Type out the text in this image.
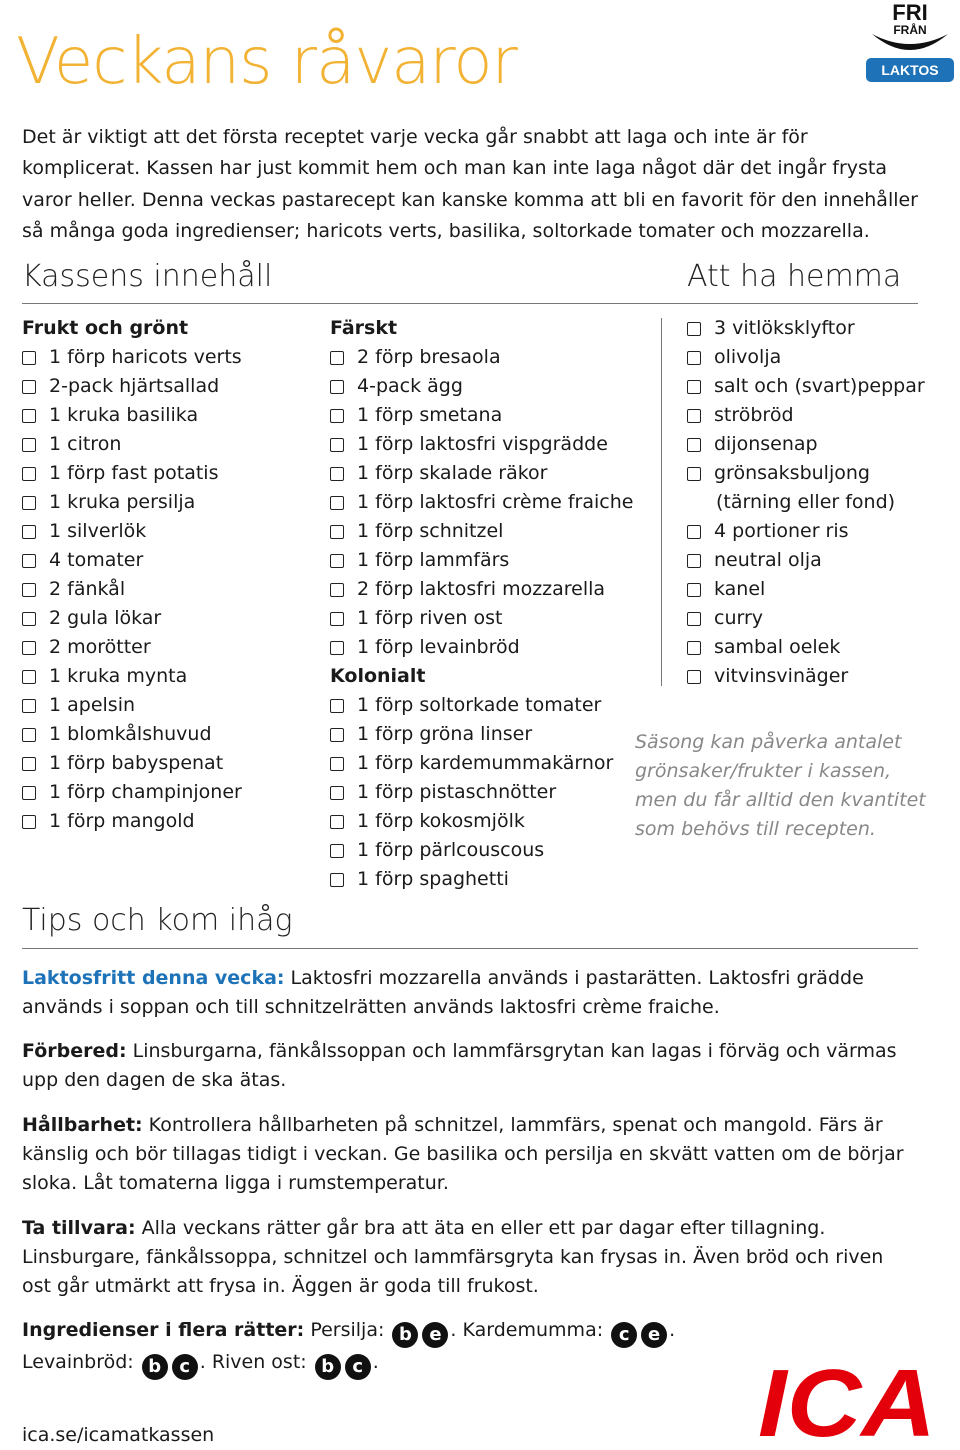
Veckans råvaror
FRI
FRÅN
LAKTOS
Det är viktigt att det första receptet varje vecka går snabbt att laga och inte är för komplicerat. Kassen har just kommit hem och man kan inte laga något där det ingår frysta varor heller. Denna veckas pastarecept kan kanske komma att bli en favorit för den innehåller så många goda ingredienser; haricots verts, basilika, soltorkade tomater och mozzarella.
Kassens innehåll	Att ha hemma
Frukt och grönt
1 förp haricots verts
2-pack hjärtsallad
1 kruka basilika
1 citron
1 förp fast potatis
1 kruka persilja
1 silverlök
4 tomater
2 fänkål
2 gula lökar
2 morötter
1 kruka mynta
1 apelsin
1 blomkålshuvud
1 förp babyspenat
1 förp champinjoner
1 förp mangold
Färskt
2 förp bresaola
4-pack ägg
1 förp smetana
1 förp laktosfri vispgrädde
1 förp skalade räkor
1 förp laktosfri crème fraiche
1 förp schnitzel
1 förp lammfärs
2 förp laktosfri mozzarella
1 förp riven ost
1 förp levainbröd
Kolonialt
1 förp soltorkade tomater
1 förp gröna linser
1 förp kardemummakärnor
1 förp pistaschnötter
1 förp kokosmjölk
1 förp pärlcouscous
1 förp spaghetti
3 vitlöksklyftor
olivolja
salt och (svart)peppar
ströbröd
dijonsenap
grönsaksbuljong
(tärning eller fond)
4 portioner ris
neutral olja
kanel
curry
sambal oelek
vitvinsvinäger
Säsong kan påverka antalet grönsaker/frukter i kassen, men du får alltid den kvantitet som behövs till recepten.
Tips och kom ihåg
Laktosfritt denna vecka: Laktosfri mozzarella används i pastarätten. Laktosfri grädde används i soppan och till schnitzelrätten används laktosfri crème fraiche.
Förbered: Linsburgarna, fänkålssoppan och lammfärsgrytan kan lagas i förväg och värmas upp den dagen de ska ätas.
Hållbarhet: Kontrollera hållbarheten på schnitzel, lammfärs, spenat och mangold. Färs är känslig och bör tillagas tidigt i veckan. Ge basilika och persilja en skvätt vatten om de börjar sloka. Låt tomaterna ligga i rumstemperatur.
Ta tillvara: Alla veckans rätter går bra att äta en eller ett par dagar efter tillagning. Linsburgare, fänkålssoppa, schnitzel och lammfärsgryta kan frysas in. Även bröd och riven ost går utmärkt att frysa in. Äggen är goda till frukost.
Ingredienser i flera rätter: Persilja: b e . Kardemumma: c e .
Levainbröd: b c . Riven ost: b c .
ica.se/icamatkassen	ICA
